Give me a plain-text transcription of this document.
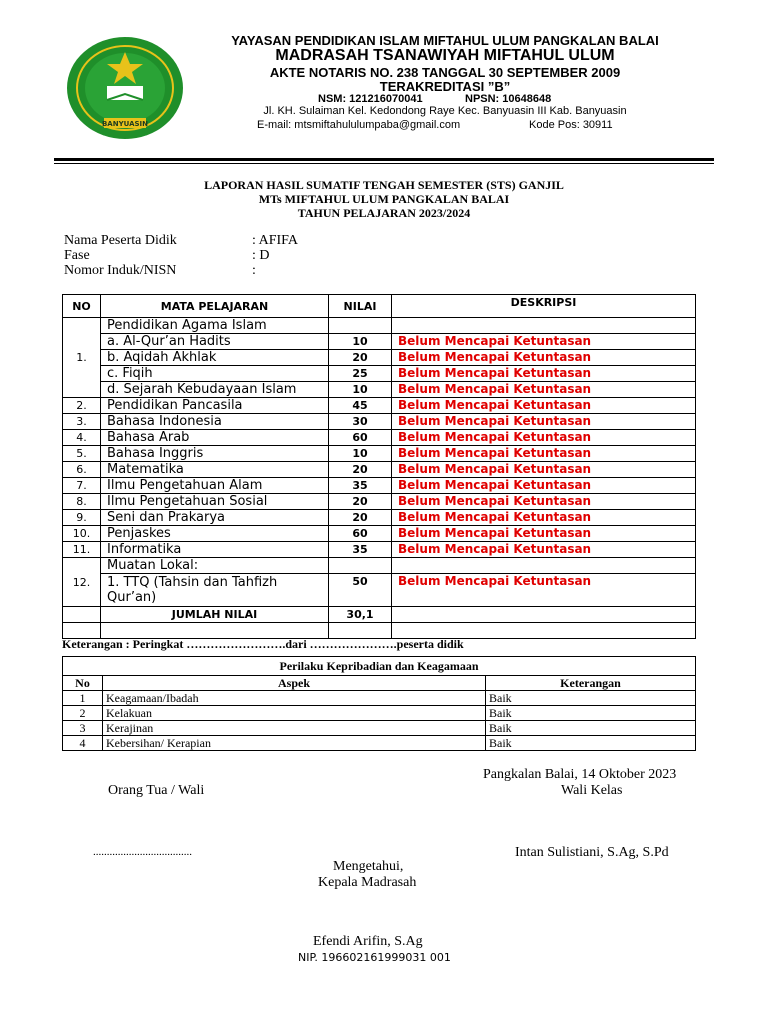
BANYUASIN
YAYASAN PENDIDIKAN ISLAM MIFTAHUL ULUM PANGKALAN BALAI
MADRASAH TSANAWIYAH MIFTAHUL ULUM
AKTE NOTARIS NO. 238 TANGGAL 30 SEPTEMBER 2009
TERAKREDITASI ”B”
NSM: 121216070041	NPSN: 10648648
Jl. KH. Sulaiman Kel. Kedondong Raye Kec. Banyuasin III Kab. Banyuasin
E-mail: mtsmiftahululumpaba@gmail.com	Kode Pos: 30911
LAPORAN HASIL SUMATIF TENGAH SEMESTER (STS) GANJIL
MTs MIFTAHUL ULUM PANGKALAN BALAI
TAHUN PELAJARAN 2023/2024
Nama Peserta Didik	: AFIFA
Fase	: D
Nomor Induk/NISN	:
NO	MATA PELAJARAN	NILAI	DESKRIPSI
1.	Pendidikan Agama Islam		
	a. Al-Qur’an Hadits	10	Belum Mencapai Ketuntasan
	b. Aqidah Akhlak	20	Belum Mencapai Ketuntasan
	c. Fiqih	25	Belum Mencapai Ketuntasan
	d. Sejarah Kebudayaan Islam	10	Belum Mencapai Ketuntasan
2.	Pendidikan Pancasila	45	Belum Mencapai Ketuntasan
3.	Bahasa Indonesia	30	Belum Mencapai Ketuntasan
4.	Bahasa Arab	60	Belum Mencapai Ketuntasan
5.	Bahasa Inggris	10	Belum Mencapai Ketuntasan
6.	Matematika	20	Belum Mencapai Ketuntasan
7.	Ilmu Pengetahuan Alam	35	Belum Mencapai Ketuntasan
8.	Ilmu Pengetahuan Sosial	20	Belum Mencapai Ketuntasan
9.	Seni dan Prakarya	20	Belum Mencapai Ketuntasan
10.	Penjaskes	60	Belum Mencapai Ketuntasan
11.	Informatika	35	Belum Mencapai Ketuntasan
12.	Muatan Lokal:		

	1. TTQ (Tahsin dan Tahfizh
Qur’an)	50	Belum Mencapai Ketuntasan
	JUMLAH NILAI	30,1	

Keterangan : Peringkat …………………….dari ………………….peserta didik
Perilaku Kepribadian dan Keagamaan		
No	Aspek	Keterangan
1	Keagamaan/Ibadah	Baik
2	Kelakuan	Baik
3	Kerajinan	Baik
4	Kebersihan/ Kerapian	Baik
Pangkalan Balai, 14 Oktober 2023
Orang Tua / Wali	Wali Kelas
....................................	Intan Sulistiani, S.Ag, S.Pd
Mengetahui,
Kepala Madrasah
Efendi Arifin, S.Ag
NIP. 196602161999031 001
